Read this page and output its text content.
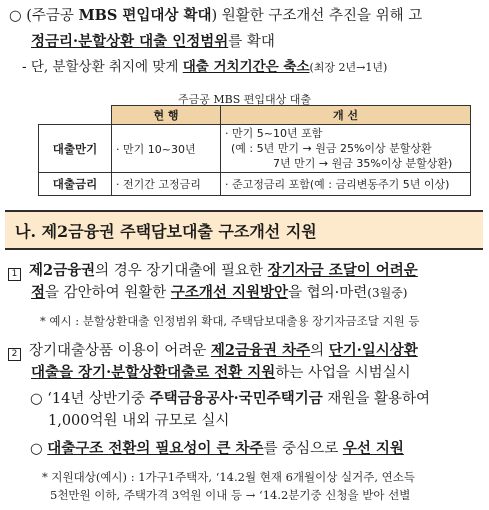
○ (주금공 MBS 편입대상 확대) 원활한 구조개선 추진을 위해 고
정금리·분할상환 대출 인정범위를 확대
- 단, 분할상환 취지에 맞게 대출 거치기간은 축소(최장 2년→1년)
주금공 MBS 편입대상 대출
	현 행	개 선
대출만기	· 만기 10~30년	· 만기 5~10년 포함
(예 : 5년 만기 → 원금 25%이상 분할상환
7년 만기 → 원금 35%이상 분할상환)

대출금리	· 전기간 고정금리	· 준고정금리 포함(예 : 금리변동주기 5년 이상)
나. 제2금융권 주택담보대출 구조개선 지원
1 제2금융권의 경우 장기대출에 필요한 장기자금 조달이 어려운
점을 감안하여 원활한 구조개선 지원방안을 협의·마련(3월중)
* 예시 : 분할상환대출 인정범위 확대, 주택담보대출용 장기자금조달 지원 등
2 장기대출상품 이용이 어려운 제2금융권 차주의 단기·일시상환
대출을 장기·분할상환대출로 전환 지원하는 사업을 시범실시
○ ‘14년 상반기중 주택금융공사·국민주택기금 재원을 활용하여
1,000억원 내외 규모로 실시
○ 대출구조 전환의 필요성이 큰 차주를 중심으로 우선 지원
* 지원대상(예시) : 1가구1주택자, ‘14.2월 현재 6개월이상 실거주, 연소득
5천만원 이하, 주택가격 3억원 이내 등 → ‘14.2분기중 신청을 받아 선별
